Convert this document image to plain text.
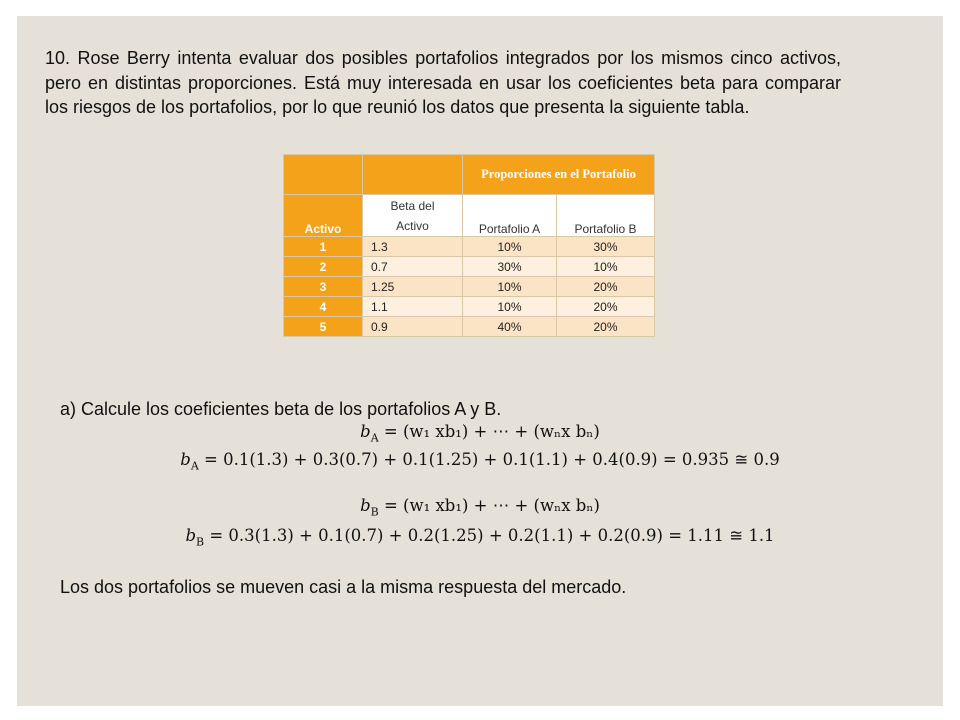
10. Rose Berry intenta evaluar dos posibles portafolios integrados por los mismos cinco activos, pero en distintas proporciones. Está muy interesada en usar los coeficientes beta para comparar los riesgos de los portafolios, por lo que reunió los datos que presenta la siguiente tabla.
		Proporciones en el Portafolio	
Activo	Beta del Activo	Portafolio A	Portafolio B
1	1.3	10%	30%
2	0.7	30%	10%
3	1.25	10%	20%
4	1.1	10%	20%
5	0.9	40%	20%
a) Calcule los coeficientes beta de los portafolios A y B.
$b_A = (w_1$ xb₁) + ⋯ + (wₙx bₙ)
$b_A = 0.1(1.3) + 0.3(0.7) + 0.1(1.25) + 0.1(1.1) + 0.4(0.9) = 0.935$ ≅ 0.9
$b_B = (w_1$ xb₁) + ⋯ + (wₙx bₙ)
$b_B = 0.3(1.3) + 0.1(0.7) + 0.2(1.25) + 0.2(1.1) + 0.2(0.9) = 1.11$ ≅ 1.1
Los dos portafolios se mueven casi a la misma respuesta del mercado.
